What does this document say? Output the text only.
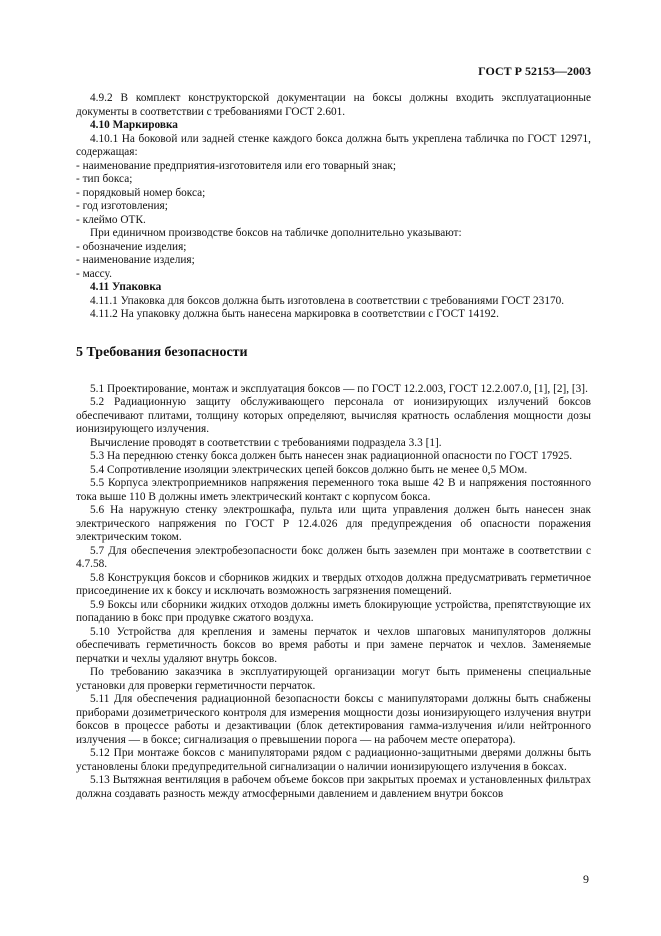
ГОСТ Р 52153—2003

4.9.2 В комплект конструкторской документации на боксы должны входить эксплуатационные документы в соответствии с требованиями ГОСТ 2.601.

4.10 Маркировка

4.10.1 На боковой или задней стенке каждого бокса должна быть укреплена табличка по ГОСТ 12971, содержащая:

- наименование предприятия-изготовителя или его товарный знак;

- тип бокса;

- порядковый номер бокса;

- год изготовления;

- клеймо ОТК.

При единичном производстве боксов на табличке дополнительно указывают:

- обозначение изделия;

- наименование изделия;

- массу.

4.11 Упаковка

4.11.1 Упаковка для боксов должна быть изготовлена в соответствии с требованиями ГОСТ 23170.

4.11.2 На упаковку должна быть нанесена маркировка в соответствии с ГОСТ 14192.

5 Требования безопасности

5.1 Проектирование, монтаж и эксплуатация боксов — по ГОСТ 12.2.003, ГОСТ 12.2.007.0, [1], [2], [3].

5.2 Радиационную защиту обслуживающего персонала от ионизирующих излучений боксов обеспечивают плитами, толщину которых определяют, вычисляя кратность ослабления мощности дозы ионизирующего излучения.

Вычисление проводят в соответствии с требованиями подраздела 3.3 [1].

5.3 На переднюю стенку бокса должен быть нанесен знак радиационной опасности по ГОСТ 17925.

5.4 Сопротивление изоляции электрических цепей боксов должно быть не менее 0,5 МОм.

5.5 Корпуса электроприемников напряжения переменного тока выше 42 В и напряжения постоянного тока выше 110 В должны иметь электрический контакт с корпусом бокса.

5.6 На наружную стенку электрошкафа, пульта или щита управления должен быть нанесен знак электрического напряжения по ГОСТ Р 12.4.026 для предупреждения об опасности поражения электрическим током.

5.7 Для обеспечения электробезопасности бокс должен быть заземлен при монтаже в соответствии с 4.7.58.

5.8 Конструкция боксов и сборников жидких и твердых отходов должна предусматривать герметичное присоединение их к боксу и исключать возможность загрязнения помещений.

5.9 Боксы или сборники жидких отходов должны иметь блокирующие устройства, препятствующие их попаданию в бокс при продувке сжатого воздуха.

5.10 Устройства для крепления и замены перчаток и чехлов шпаговых манипуляторов должны обеспечивать герметичность боксов во время работы и при замене перчаток и чехлов. Заменяемые перчатки и чехлы удаляют внутрь боксов.

По требованию заказчика в эксплуатирующей организации могут быть применены специальные установки для проверки герметичности перчаток.

5.11 Для обеспечения радиационной безопасности боксы с манипуляторами должны быть снабжены приборами дозиметрического контроля для измерения мощности дозы ионизирующего излучения внутри боксов в процессе работы и дезактивации (блок детектирования гамма-излучения и/или нейтронного излучения — в боксе; сигнализация о превышении порога — на рабочем месте оператора).

5.12 При монтаже боксов с манипуляторами рядом с радиационно-защитными дверями должны быть установлены блоки предупредительной сигнализации о наличии ионизирующего излучения в боксах.

5.13 Вытяжная вентиляция в рабочем объеме боксов при закрытых проемах и установленных фильтрах должна создавать разность между атмосферными давлением и давлением внутри боксов

9
